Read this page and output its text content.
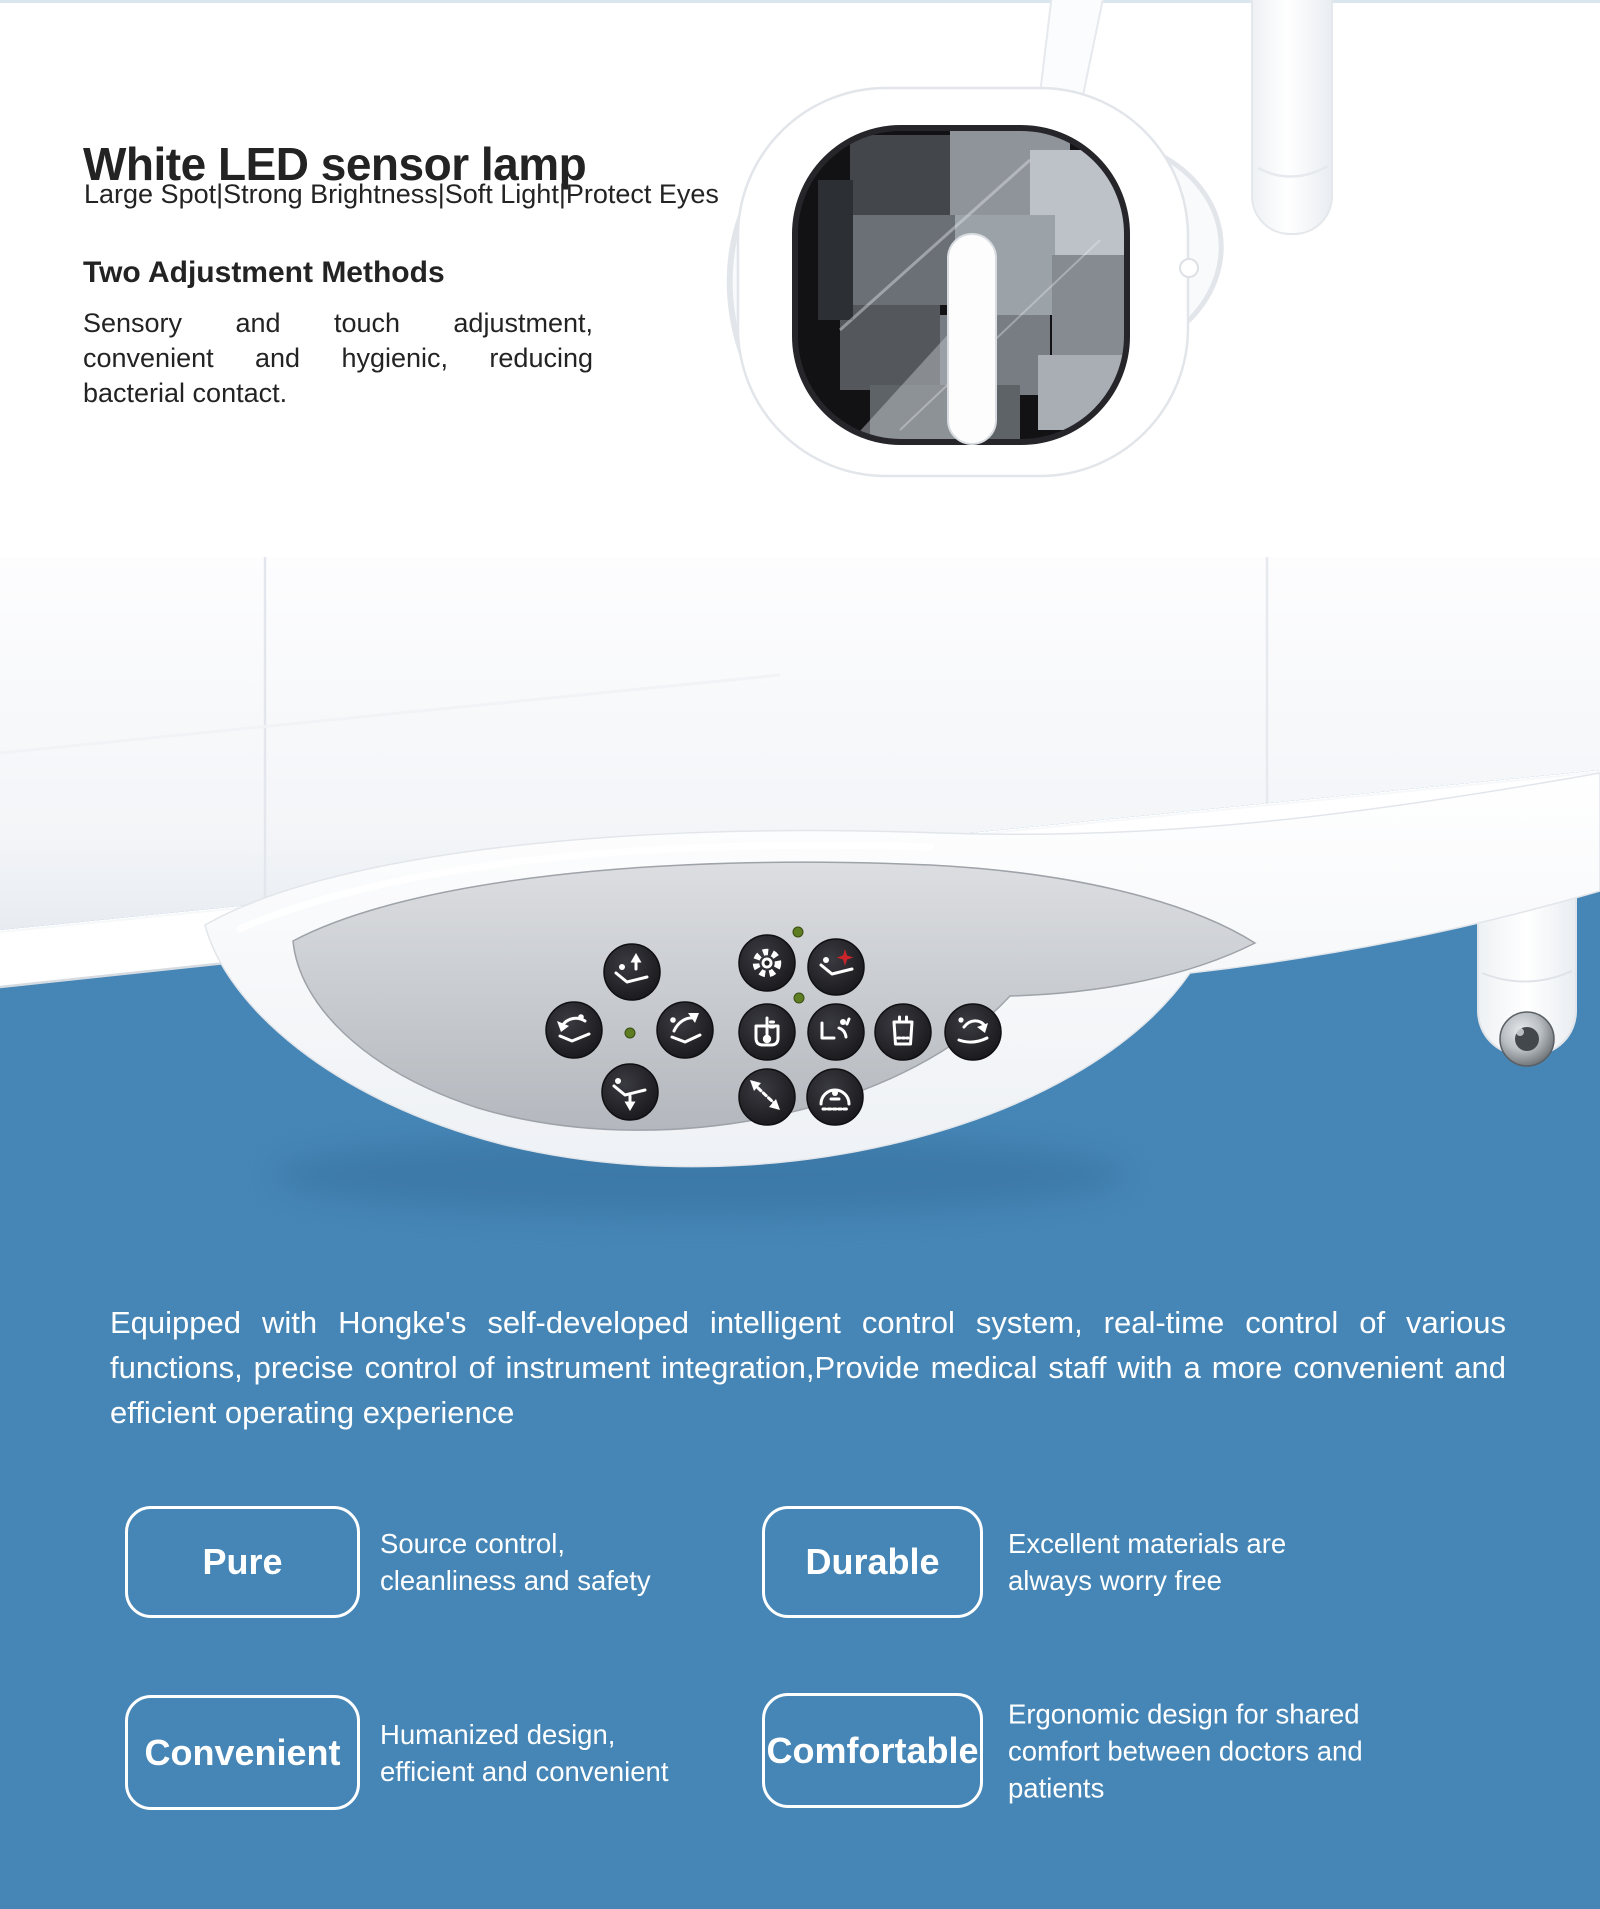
White LED sensor lamp
Large Spot|Strong Brightness|Soft Light|Protect Eyes
Two Adjustment Methods

Sensory and touch adjustment, convenient and hygienic, reducing bacterial contact.

Equipped with Hongke's self-developed intelligent control system, real-time control of various functions, precise control of instrument integration,Provide medical staff with a more convenient and efficient operating experience

Pure	Source control, cleanliness and safety	Durable Excellent materials are always worry free
Convenient Humanized design, efficient and convenient
Comfortable
Ergonomic design for shared comfort between doctors and patients
